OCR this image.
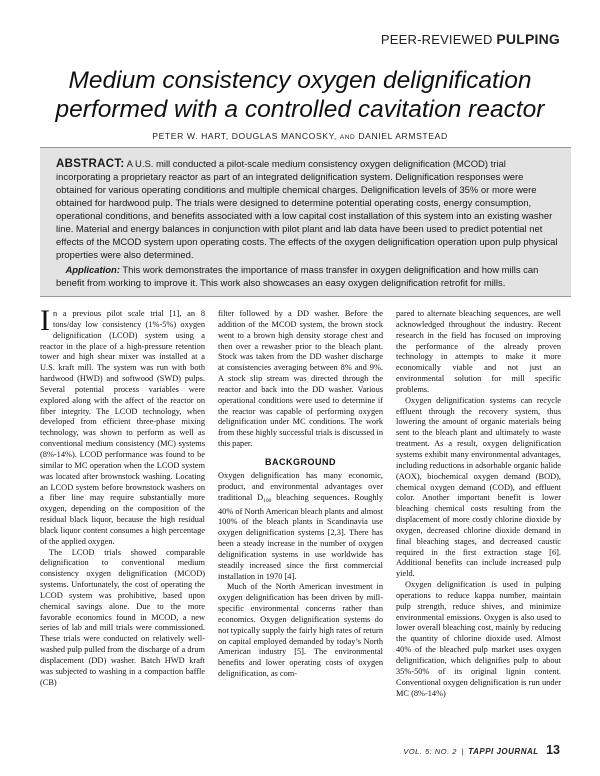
PEER-REVIEWED PULPING
Medium consistency oxygen delignification
performed with a controlled cavitation reactor
PETER W. HART, DOUGLAS MANCOSKY, AND DANIEL ARMSTEAD

ABSTRACT: A U.S. mill conducted a pilot-scale medium consistency oxygen delignification (MCOD) trial incorporating a proprietary reactor as part of an integrated delignification system. Delignification responses were obtained for various operating conditions and multiple chemical charges. Delignification levels of 35% or more were obtained for hardwood pulp. The trials were designed to determine potential operating costs, energy consumption, operational conditions, and benefits associated with a low capital cost installation of this system into an existing washer line. Material and energy balances in conjunction with pilot plant and lab data have been used to predict potential net effects of the MCOD system upon operating costs. The effects of the oxygen delignification operation upon pulp physical properties were also determined.

 Application: This work demonstrates the importance of mass transfer in oxygen delignification and how mills can benefit from working to improve it. This work also showcases an easy oxygen delignification retrofit for mills.

In a previous pilot scale trial [1], an 8 tons/day low consistency (1%-5%) oxygen delignification (LCOD) system using a reactor in the place of a high-pressure retention tower and high shear mixer was installed at a U.S. kraft mill. The system was run with both hardwood (HWD) and softwood (SWD) pulps. Several potential process variables were explored along with the affect of the reactor on fiber integrity. The LCOD technology, when developed from efficient three-phase mixing technology, was shown to perform as well as conventional medium consistency (MC) systems (8%-14%). LCOD performance was found to be similar to MC operation when the LCOD system was located after brownstock washing. Locating an LCOD system before brownstock washers on a fiber line may require substantially more oxygen, depending on the composition of the residual black liquor, because the high residual black liquor content consumes a high percentage of the applied oxygen.

The LCOD trials showed comparable delignification to conventional medium consistency oxygen delignification (MCOD) systems. Unfortunately, the cost of operating the LCOD system was prohibitive, based upon chemical savings alone. Due to the more favorable economics found in MCOD, a new series of lab and mill trials were commissioned. These trials were conducted on relatively well-washed pulp pulled from the discharge of a drum displacement (DD) washer. Batch HWD kraft was subjected to washing in a compaction baffle (CB)

filter followed by a DD washer. Before the addition of the MCOD system, the brown stock went to a brown high density storage chest and then over a rewasher prior to the bleach plant. Stock was taken from the DD washer discharge at consistencies averaging between 8% and 9%. A stock slip stream was directed through the reactor and back into the DD washer. Various operational conditions were used to determine if the reactor was capable of performing oxygen delignification under MC conditions. The work from these highly successful trials is discussed in this paper.

BACKGROUND

Oxygen delignification has many economic, product, and environmental advantages over traditional $D_{100}$ bleaching sequences. Roughly 40% of North American bleach plants and almost 100% of the bleach plants in Scandinavia use oxygen delignification systems [2,3]. There has been a steady increase in the number of oxygen delignification systems in use worldwide has steadily increased since the first commercial installation in 1970 [4].

Much of the North American investment in oxygen delignification has been driven by mill-specific environmental concerns rather than economics. Oxygen delignification systems do not typically supply the fairly high rates of return on capital employed demanded by today’s North American industry [5]. The environmental benefits and lower operating costs of oxygen delignification, as com-

pared to alternate bleaching sequences, are well acknowledged throughout the industry. Recent research in the field has focused on improving the performance of the already proven technology in attempts to make it more economically viable and not just an environmental solution for mill specific problems.

Oxygen delignification systems can recycle effluent through the recovery system, thus lowering the amount of organic materials being sent to the bleach plant and ultimately to waste treatment. As a result, oxygen delignification systems exhibit many environmental advantages, including reductions in adsorbable organic halide (AOX), biochemical oxygen demand (BOD), chemical oxygen demand (COD), and effluent color. Another important benefit is lower bleaching chemical costs resulting from the displacement of more costly chlorine dioxide by oxygen, decreased chlorine dioxide demand in final bleaching stages, and decreased caustic required in the first extraction stage [6]. Additional benefits can include increased pulp yield.

Oxygen delignification is used in pulping operations to reduce kappa number, maintain pulp strength, reduce shives, and minimize environmental emissions. Oxygen is also used to lower overall bleaching cost, mainly by reducing the quantity of chlorine dioxide used. Almost 40% of the bleached pulp market uses oxygen delignification, which delignifies pulp to about 35%-50% of its original lignin content. Conventional oxygen delignification is run under MC (8%-14%)

VOL. 5: NO. 2 | TAPPI JOURNAL 13
